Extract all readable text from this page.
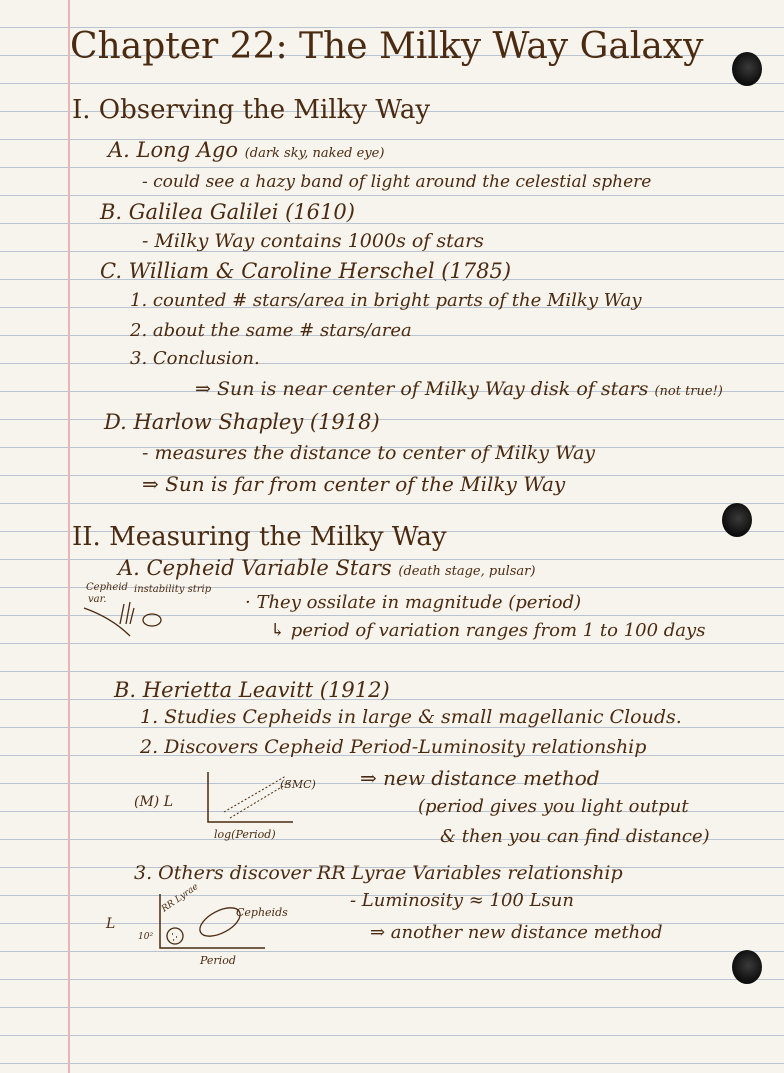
Chapter 22: The Milky Way Galaxy
I. Observing the Milky Way
A. Long Ago (dark sky, naked eye)
- could see a hazy band of light around the celestial sphere
B. Galilea Galilei (1610)
- Milky Way contains 1000s of stars
C. William & Caroline Herschel (1785)
1. counted # stars/area in bright parts of the Milky Way
2. about the same # stars/area
3. Conclusion.
⇒ Sun is near center of Milky Way disk of stars (not true!)
D. Harlow Shapley (1918)
- measures the distance to center of Milky Way
⇒ Sun is far from center of the Milky Way
II. Measuring the Milky Way
A. Cepheid Variable Stars (death stage, pulsar)
Cepheid instability strip
var.	· They ossilate in magnitude (period)
↳ period of variation ranges from 1 to 100 days
B. Herietta Leavitt (1912)
1. Studies Cepheids in large & small magellanic Clouds.
2. Discovers Cepheid Period-Luminosity relationship
(M) L
(SMC)
log(Period)
⇒ new distance method
(period gives you light output
& then you can find distance)
3. Others discover RR Lyrae Variables relationship
L
10²
RR Lyrae	Cepheids
Period
- Luminosity ≈ 100 Lsun
⇒ another new distance method
